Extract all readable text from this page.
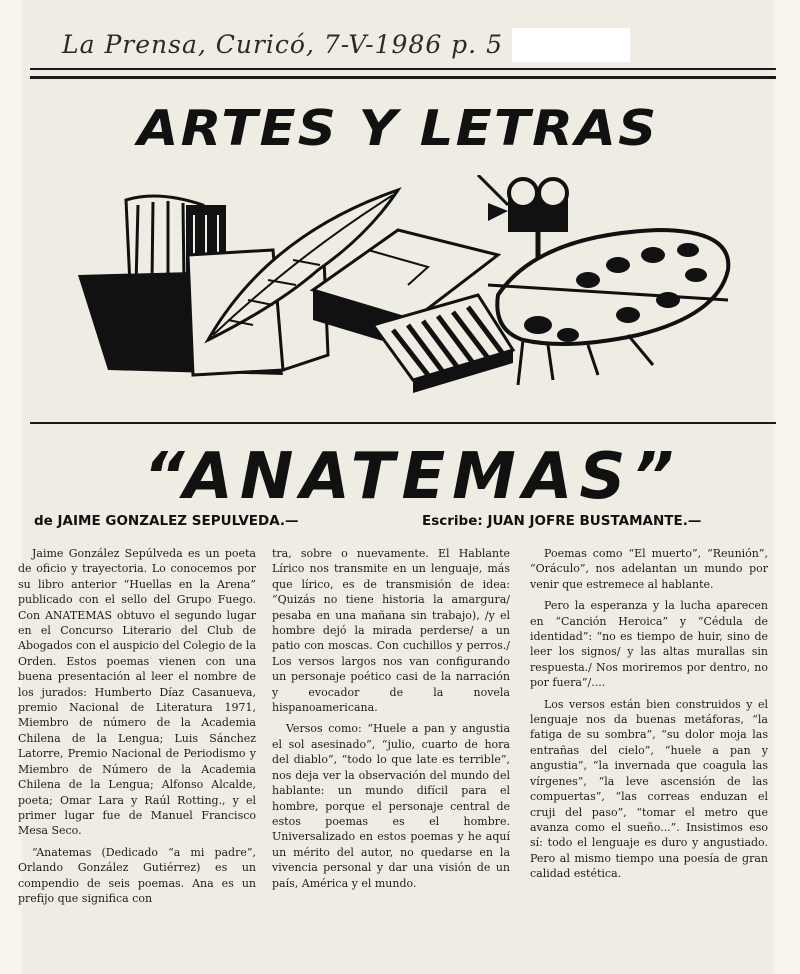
La Prensa, Curicó, 7-V-1986 p. 5
ARTES Y LETRAS
“ANATEMAS”
de JAIME GONZALEZ SEPULVEDA.—	Escribe: JUAN JOFRE BUSTAMANTE.—

Jaime González Sepúlveda es un poeta de oficio y trayectoria. Lo conocemos por su libro anterior “Huellas en la Arena” publicado con el sello del Grupo Fuego. Con ANATEMAS obtuvo el segundo lugar en el Concurso Literario del Club de Abogados con el auspicio del Colegio de la Orden. Estos poemas vienen con una buena presentación al leer el nombre de los jurados: Humberto Díaz Casanueva, premio Nacional de Literatura 1971, Miembro de número de la Academia Chilena de la Lengua; Luis Sánchez Latorre, Premio Nacional de Periodismo y Miembro de Número de la Academia Chilena de la Lengua; Alfonso Alcalde, poeta; Omar Lara y Raúl Rotting., y el primer lugar fue de Manuel Francisco Mesa Seco.

“Anatemas (Dedicado “a mi padre”, Orlando González Gutiérrez) es un compendio de seis poemas. Ana es un prefijo que significa con

tra, sobre o nuevamente. El Hablante Lírico nos transmite en un lenguaje, más que lírico, es de transmisión de idea: “Quizás no tiene historia la amargura/ pesaba en una mañana sin trabajo), /y el hombre dejó la mirada perderse/ a un patio con moscas. Con cuchillos y perros./ Los versos largos nos van configurando un personaje poético casi de la narración y evocador de la novela hispanoamericana.

Versos como: “Huele a pan y angustia el sol asesinado”, “julio, cuarto de hora del diablo”, “todo lo que late es terrible”, nos deja ver la observación del mundo del hablante: un mundo difícil para el hombre, porque el personaje central de estos poemas es el hombre. Universalizado en estos poemas y he aquí un mérito del autor, no quedarse en la vivencia personal y dar una visión de un país, América y el mundo.

Poemas como “El muerto”, “Reunión”, “Oráculo”, nos adelantan un mundo por venir que estremece al hablante.

Pero la esperanza y la lucha aparecen en “Canción Heroica” y “Cédula de identidad”: “no es tiempo de huir, sino de leer los signos/ y las altas murallas sin respuesta./ Nos moriremos por dentro, no por fuera”/....

Los versos están bien construidos y el lenguaje nos da buenas metáforas, “la fatiga de su sombra”, “su dolor moja las entrañas del cielo”, “huele a pan y angustia”, “la invernada que coagula las vírgenes”, “la leve ascensión de las compuertas”, “las correas enduzan el cruji del paso”, “tomar el metro que avanza como el sueño...”. Insistimos eso sí: todo el lenguaje es duro y angustiado. Pero al mismo tiempo una poesía de gran calidad estética.
